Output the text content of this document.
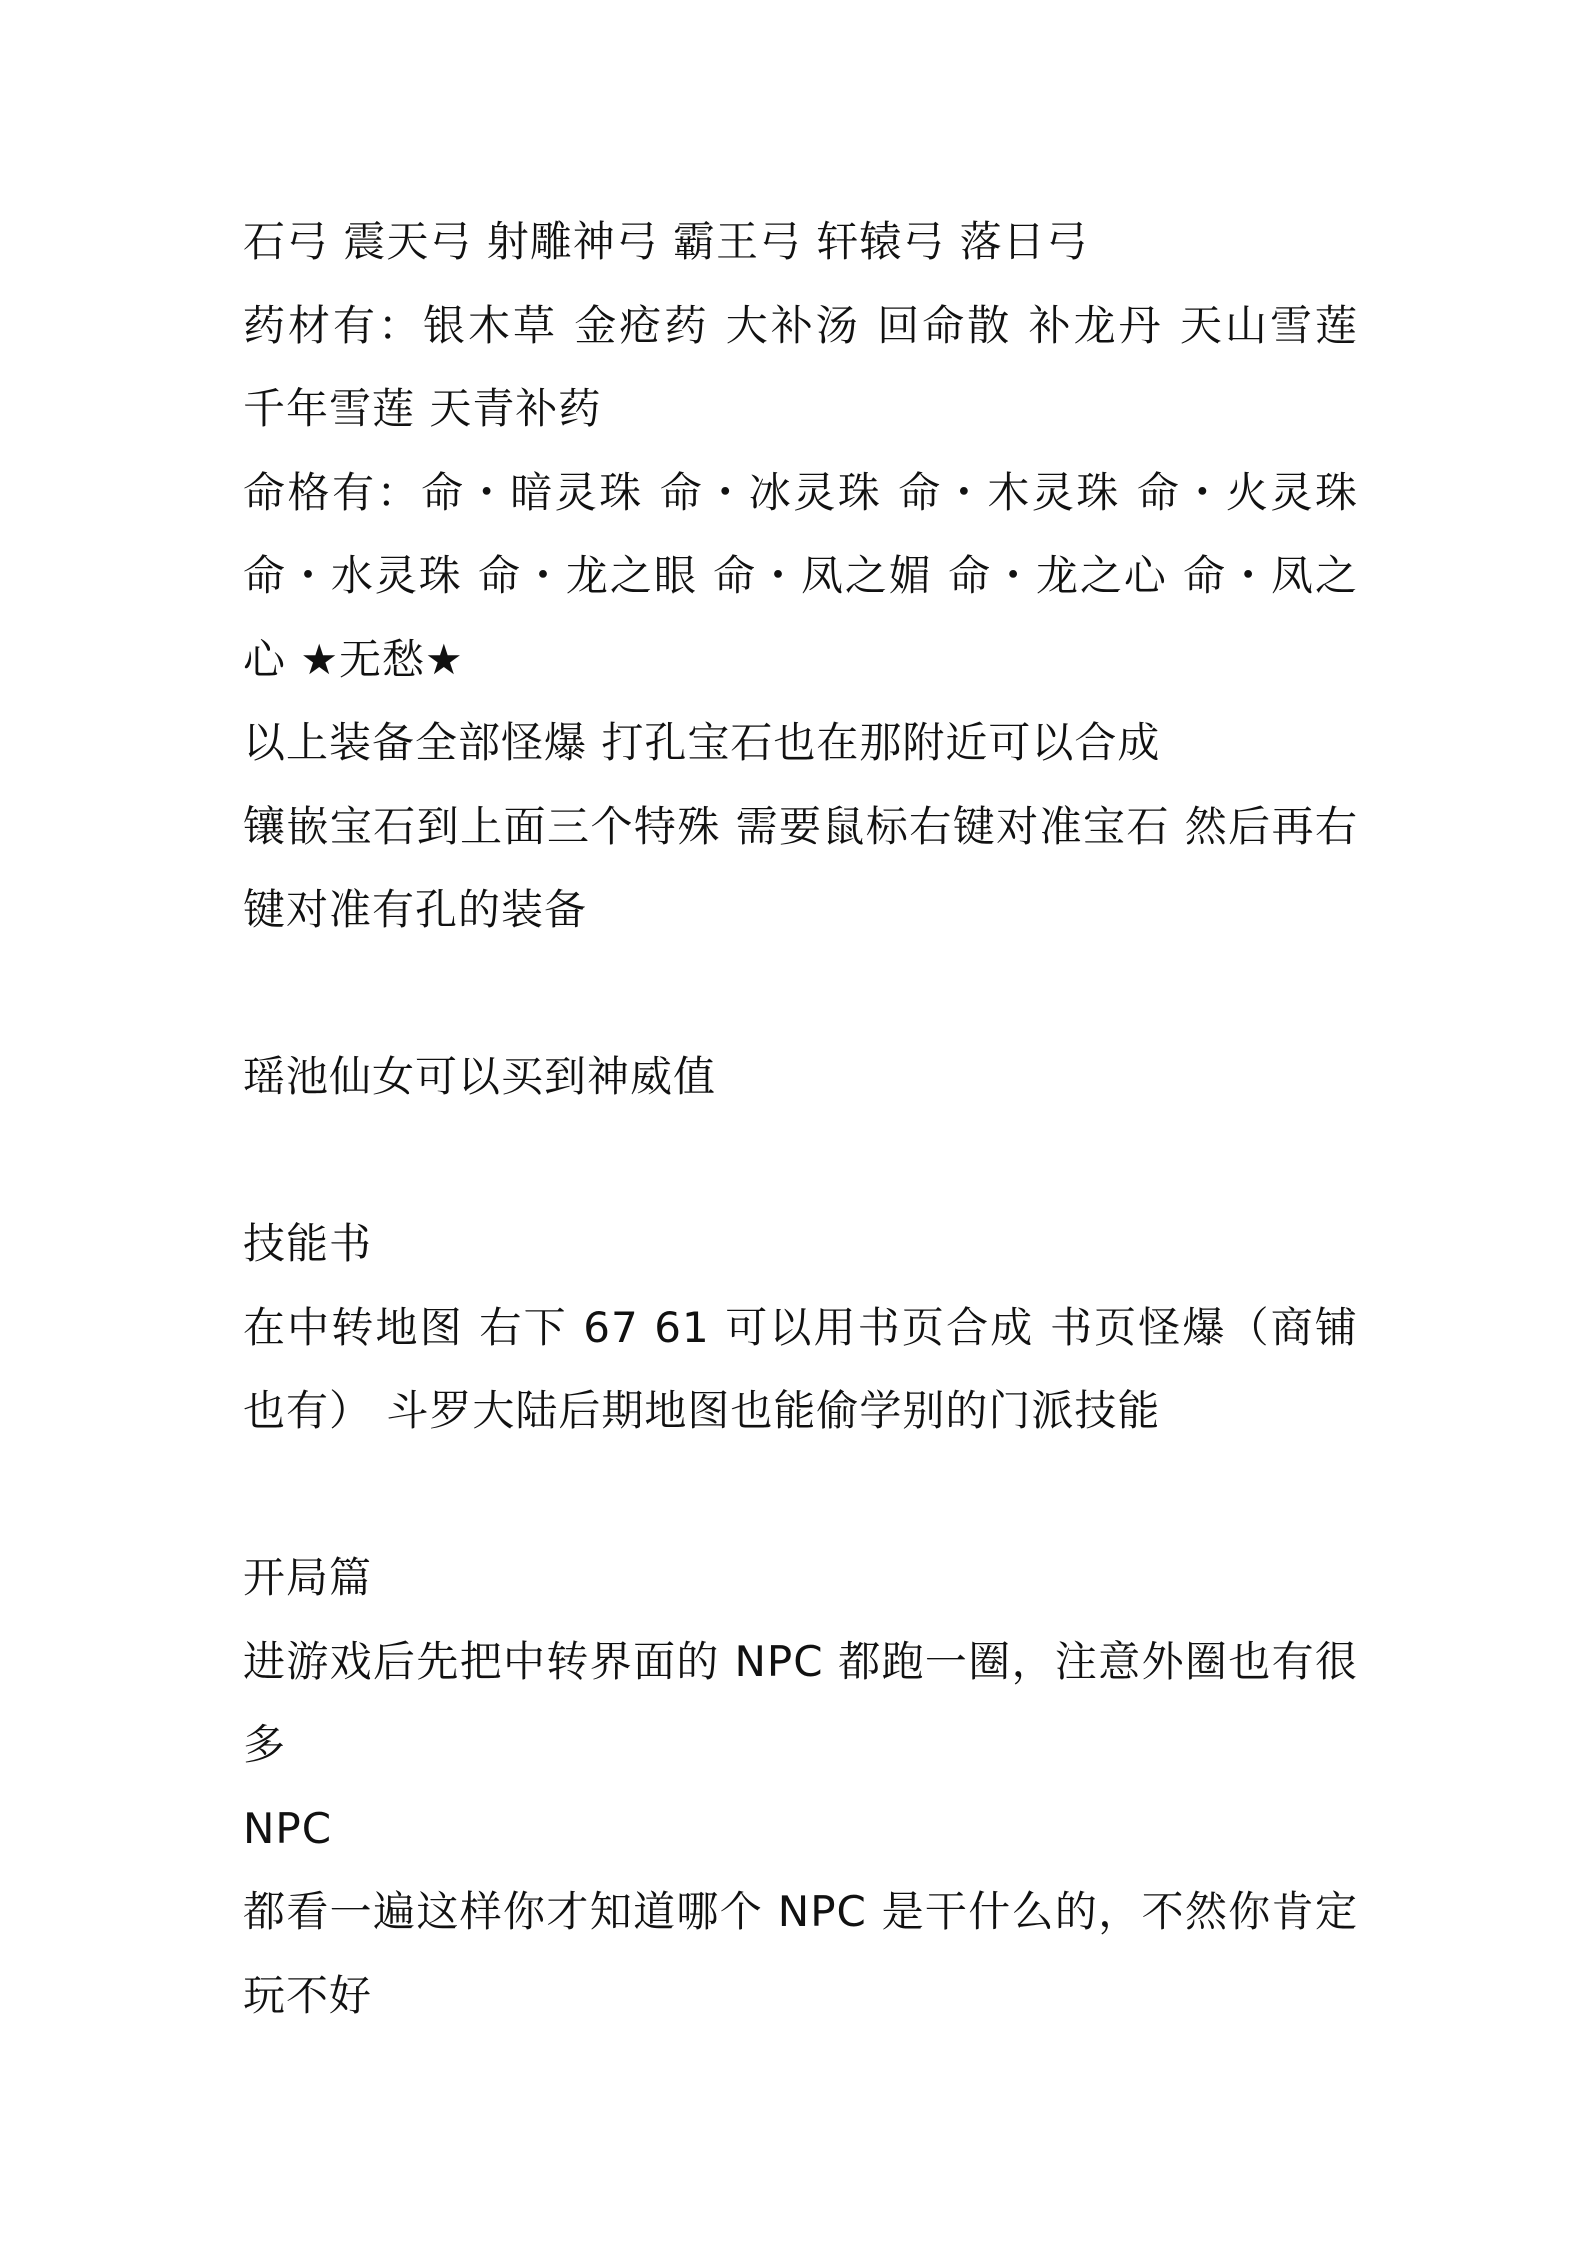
石弓 震天弓 射雕神弓 霸王弓 轩辕弓 落日弓

药材有：银木草 金疮药 大补汤 回命散 补龙丹 天山雪莲 千年雪莲 天青补药

命格有：命・暗灵珠 命・冰灵珠 命・木灵珠 命・火灵珠 命・水灵珠 命・龙之眼 命・凤之媚 命・龙之心 命・凤之心 ★无愁★

以上装备全部怪爆 打孔宝石也在那附近可以合成

镶嵌宝石到上面三个特殊 需要鼠标右键对准宝石 然后再右键对准有孔的装备

瑶池仙女可以买到神威值

技能书

在中转地图 右下 67 61 可以用书页合成 书页怪爆（商铺也有） 斗罗大陆后期地图也能偷学别的门派技能

开局篇

进游戏后先把中转界面的 NPC 都跑一圈，注意外圈也有很多

NPC

都看一遍这样你才知道哪个 NPC 是干什么的，不然你肯定玩不好
